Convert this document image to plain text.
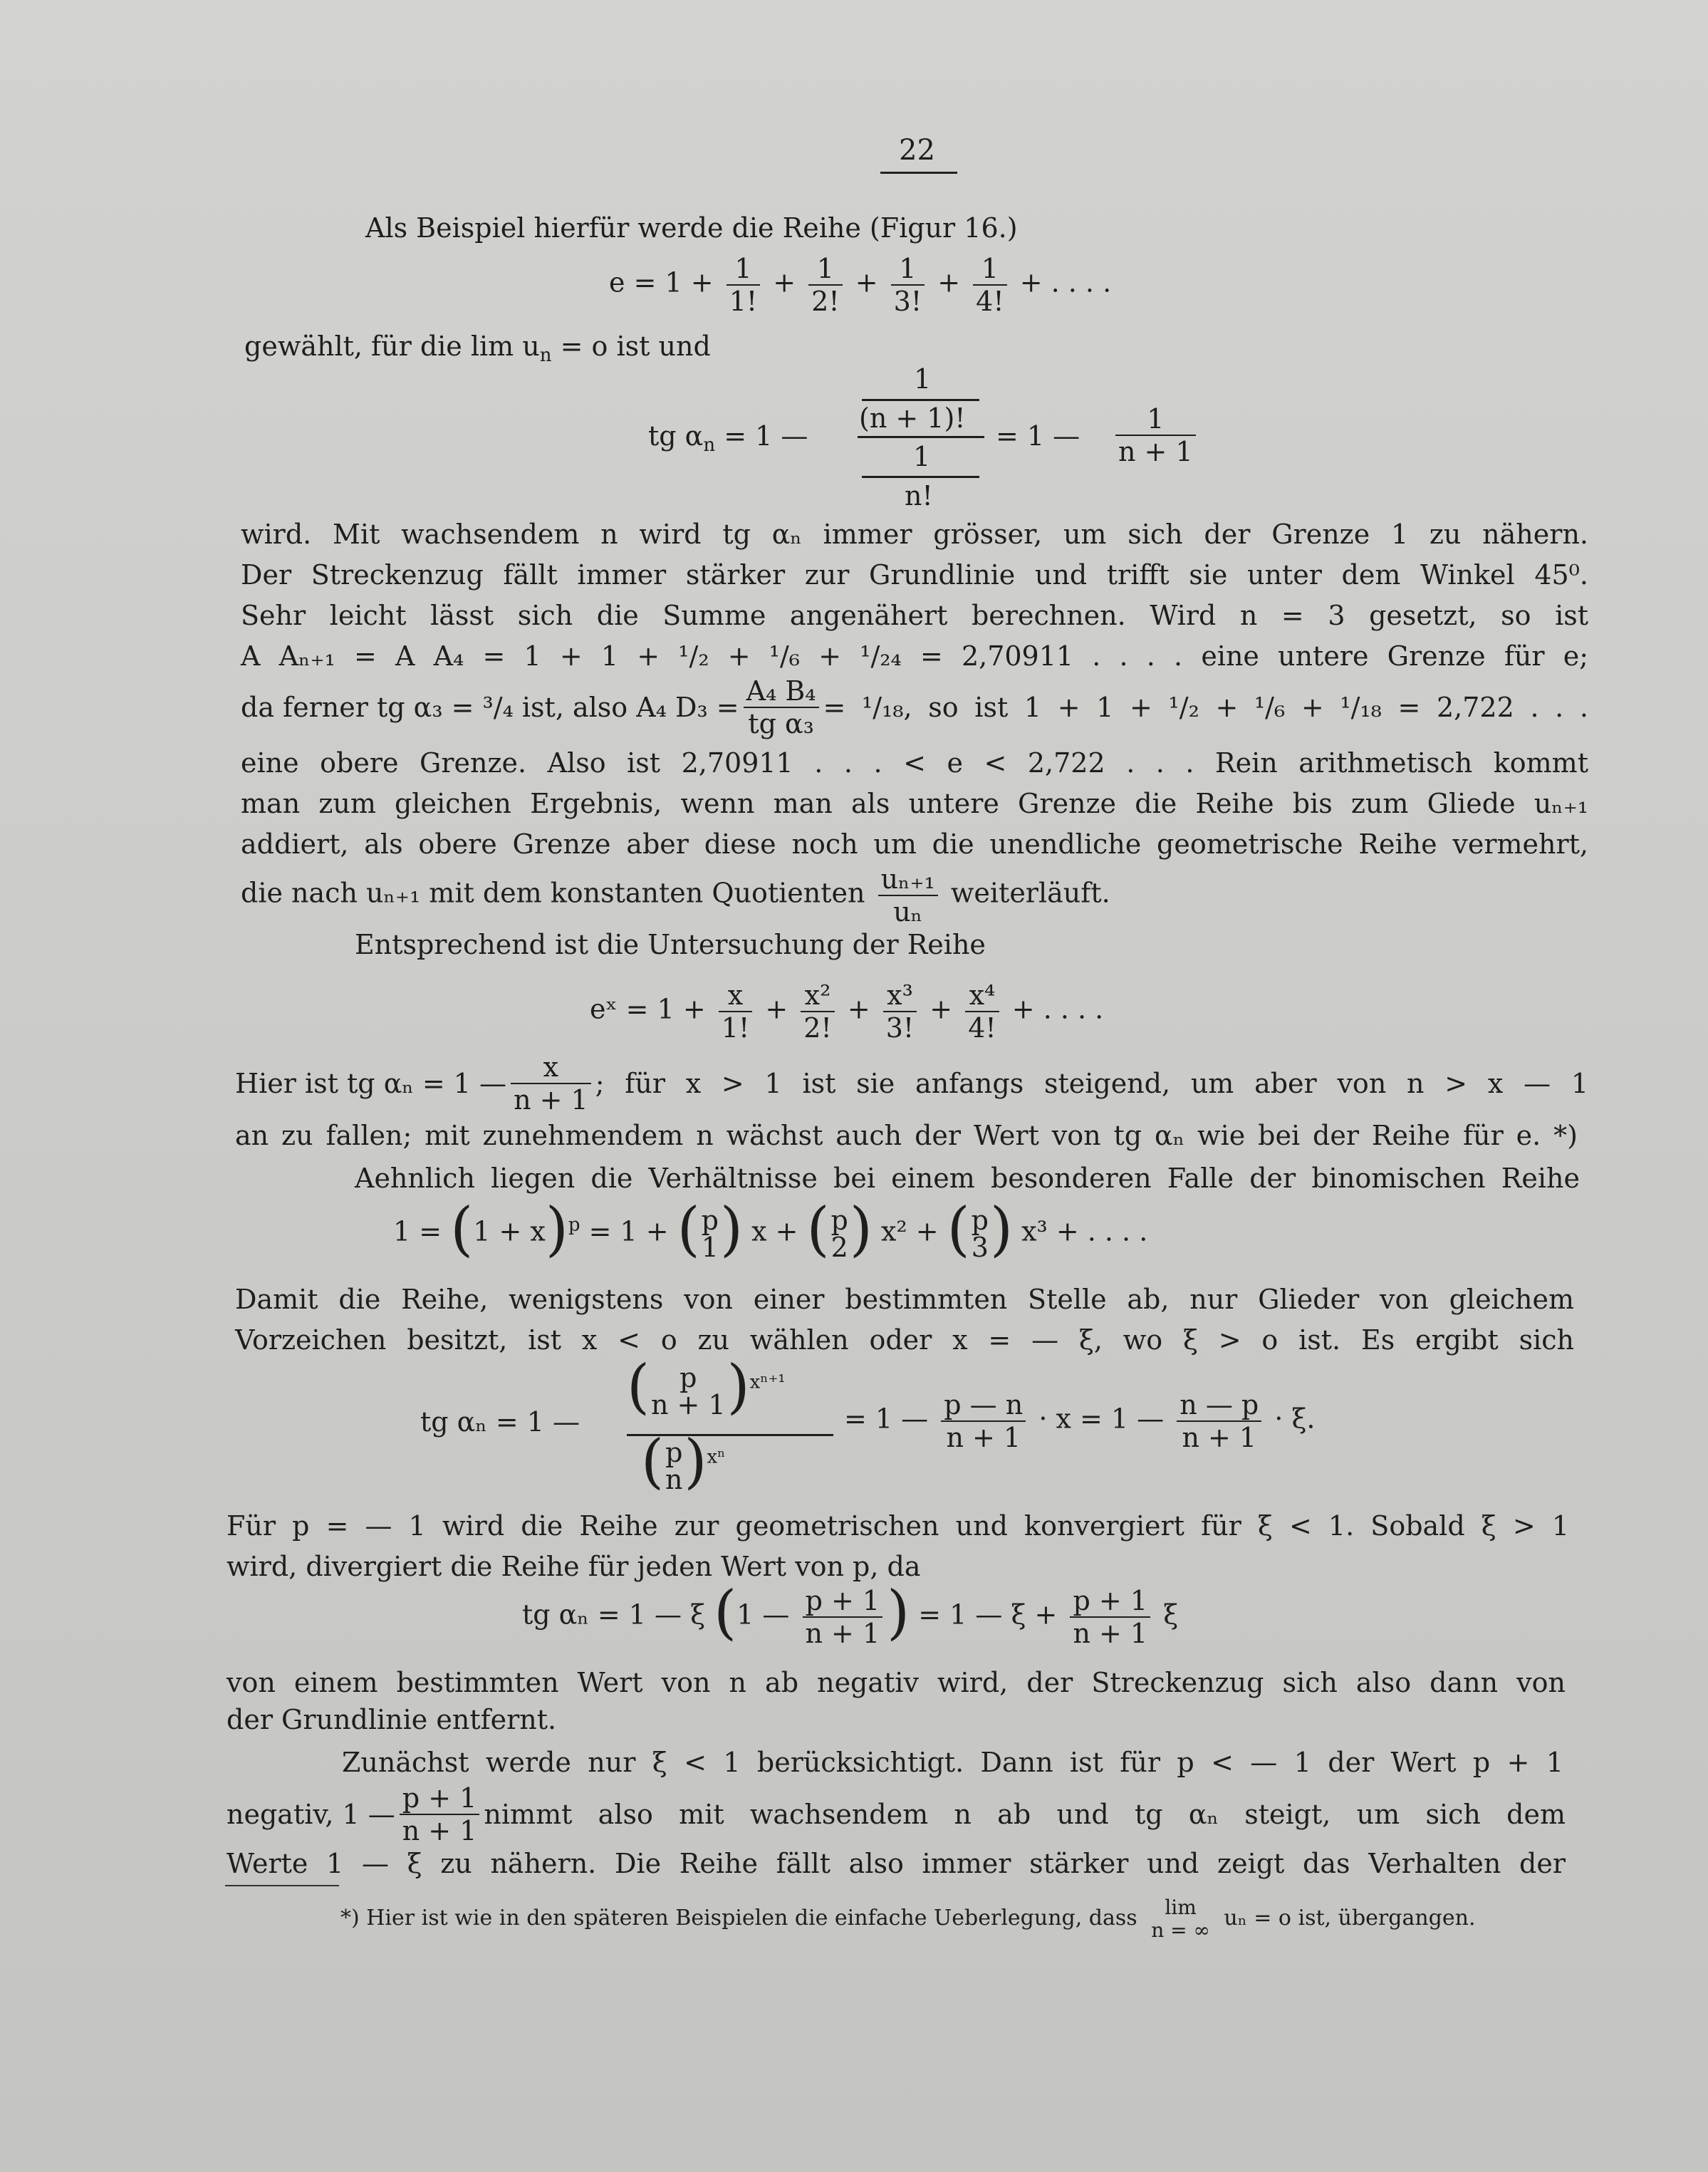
22
Als Beispiel hierfür werde die Reihe (Figur 16.)
$e = 1 + \frac{1}{1!} + \frac{1}{2!} + \frac{1}{3!} + \frac{1}{4!}$ + . . . .
gewählt, für die $\lim u_n = o$ ist und
1
(n + 1)!
1
n!
tg $\alpha_n = 1$ —	= 1 — $\frac{1}{n + 1}$
wird. Mit wachsendem n wird tg αₙ immer grösser, um sich der Grenze 1 zu nähern.
Der Streckenzug fällt immer stärker zur Grundlinie und trifft sie unter dem Winkel 45⁰.
Sehr leicht lässt sich die Summe angenähert berechnen. Wird n = 3 gesetzt, so ist
A Aₙ₊₁ = A A₄ = 1 + 1 + ¹/₂ + ¹/₆ + ¹/₂₄ = 2,70911 . . . . eine untere Grenze für e;
da ferner tg α₃ = ³/₄ ist, also A₄ $D_3 = \frac{\text{A₄ B₄}}{\text{tg α₃}} = ^1/_{18}$, so ist 1 + 1 + ¹/₂ + ¹/₆ + ¹/₁₈ = 2,722 . . .
eine obere Grenze. Also ist 2,70911 . . . < e < 2,722 . . . Rein arithmetisch kommt
man zum gleichen Ergebnis, wenn man als untere Grenze die Reihe bis zum Gliede uₙ₊₁
addiert, als obere Grenze aber diese noch um die unendliche geometrische Reihe vermehrt,
die nach uₙ₊₁ mit dem konstanten Quotienten $\frac{\text{uₙ₊₁}}{\text{uₙ}}$ weiterläuft.
Entsprechend ist die Untersuchung der Reihe
eˣ = $1 + \frac{x}{1!} + \frac{\text{x²}}{2!} + \frac{\text{x³}}{3!} + \frac{\text{x⁴}}{4!}$ + . . . .
Hier ist tg αₙ = 1 — $\frac{x}{n + 1}$ ; für x > 1 ist sie anfangs steigend, um aber von n > x — 1
an zu fallen; mit zunehmendem n wächst auch der Wert von tg αₙ wie bei der Reihe für e. *)
Aehnlich liegen die Verhältnisse bei einem besonderen Falle der binomischen Reihe
$1 = (1 + x)^p = 1$ + ( p
1 ) x + ( p
2 ) x² + ( p
3 ) x³ + . . . .
Damit die Reihe, wenigstens von einer bestimmten Stelle ab, nur Glieder von gleichem
Vorzeichen besitzt, ist x < o zu wählen oder x = — ξ, wo ξ > o ist. Es ergibt sich
tg αₙ = 1 —
(	p
n + 1 )$^{x^{n+1}}$
( p
n )$^{x^n}$
= 1 — $\frac{p — n}{n + 1} \cdot x = 1$ — $\frac{n — p}{n + 1} \cdot \xi$.
Für p = — 1 wird die Reihe zur geometrischen und konvergiert für ξ < 1. Sobald ξ > 1
wird, divergiert die Reihe für jeden Wert von p, da
tg αₙ = 1 — ξ (1 — $\frac{p + 1}{n + 1}$ ) = 1 — $\xi + \frac{p + 1}{n + 1}$ ξ
von einem bestimmten Wert von n ab negativ wird, der Streckenzug sich also dann von
der Grundlinie entfernt.
Zunächst werde nur ξ < 1 berücksichtigt. Dann ist für p < — 1 der Wert p + 1
negativ, 1 — $\frac{p + 1}{n + 1}$ nimmt also mit wachsendem n ab und tg αₙ steigt, um sich dem
Werte 1 — ξ zu nähern. Die Reihe fällt also immer stärker und zeigt das Verhalten der
*) Hier ist wie in den späteren Beispielen die einfache Ueberlegung, dass	lim
n = ∞ uₙ = o ist, übergangen.
